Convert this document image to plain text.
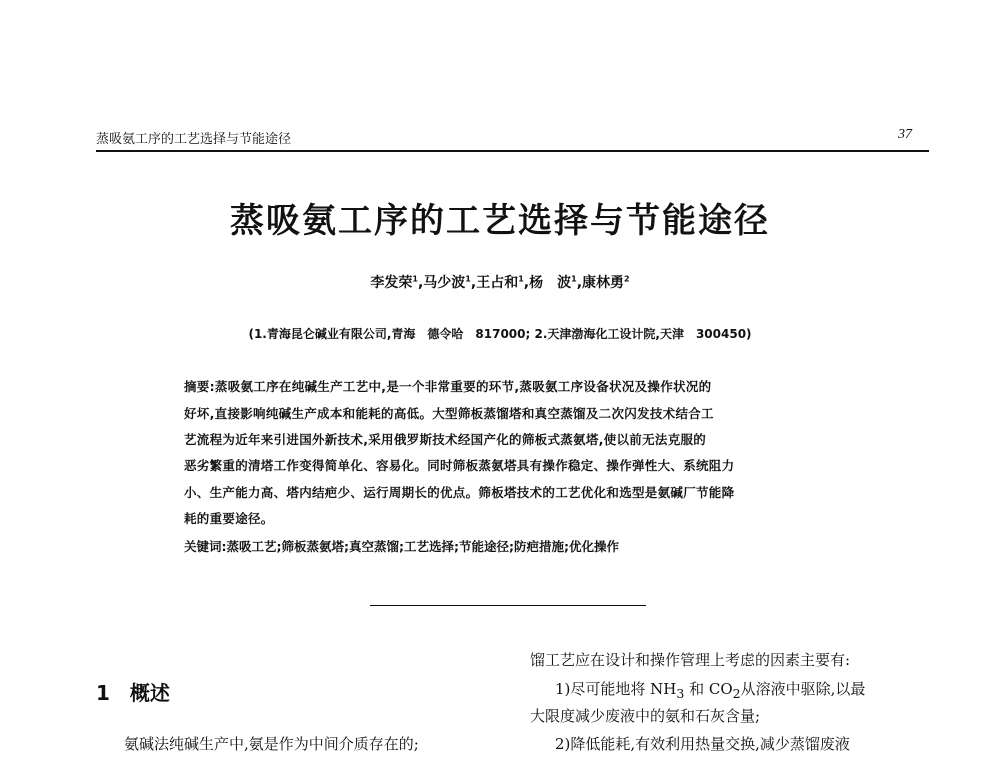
蒸吸氨工序的工艺选择与节能途径	37
蒸吸氨工序的工艺选择与节能途径
李发荣$^1$,马少波$^1$,王占和$^1$,杨　波$^1$,康林勇$^2$
(1.青海昆仑碱业有限公司,青海　德令哈　817000; 2.天津渤海化工设计院,天津　300450)
摘要:蒸吸氨工序在纯碱生产工艺中,是一个非常重要的环节,蒸吸氨工序设备状况及操作状况的
好坏,直接影响纯碱生产成本和能耗的高低。大型筛板蒸馏塔和真空蒸馏及二次闪发技术结合工
艺流程为近年来引进国外新技术,采用俄罗斯技术经国产化的筛板式蒸氨塔,使以前无法克服的
恶劣繁重的清塔工作变得简单化、容易化。同时筛板蒸氨塔具有操作稳定、操作弹性大、系统阻力
小、生产能力高、塔内结疤少、运行周期长的优点。筛板塔技术的工艺优化和选型是氨碱厂节能降
耗的重要途径。
关键词:蒸吸工艺;筛板蒸氨塔;真空蒸馏;工艺选择;节能途径;防疤措施;优化操作
1　概述
氨碱法纯碱生产中,氨是作为中间介质存在的;
馏工艺应在设计和操作管理上考虑的因素主要有:
1)尽可能地将 $NH_3$ 和 $CO_2$从溶液中驱除,以最
大限度减少废液中的氨和石灰含量;
2)降低能耗,有效利用热量交换,减少蒸馏废液
